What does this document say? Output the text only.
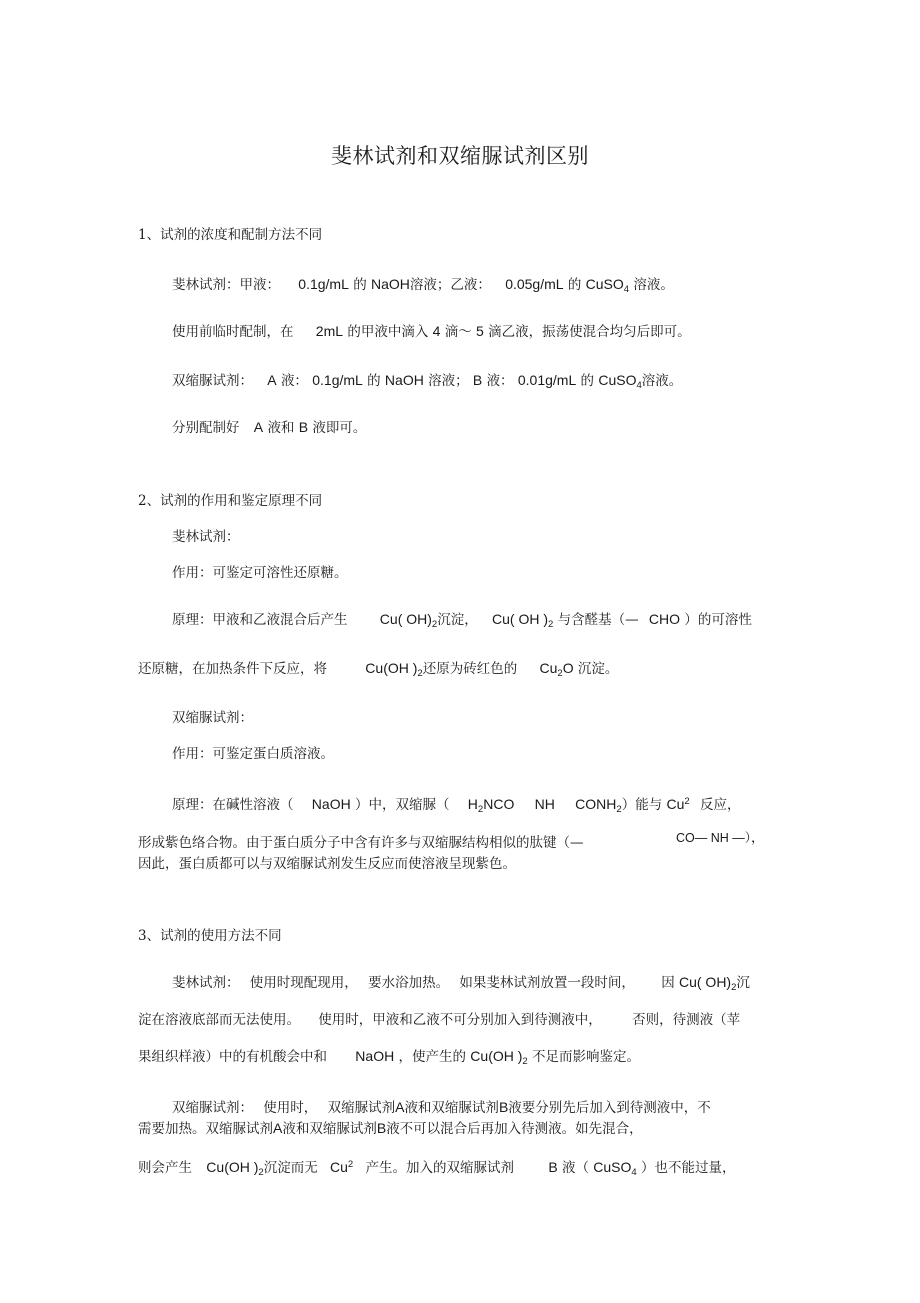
斐林试剂和双缩脲试剂区别
1、试剂的浓度和配制方法不同
斐林试剂：甲液： 0.1g/mL 的 NaOH溶液；乙液： 0.05g/mL 的 CuSO$_4$ 溶液。
使用前临时配制，在 2mL 的甲液中滴入 4 滴～ 5 滴乙液，振荡使混合均匀后即可。
双缩脲试剂： A 液： 0.1g/mL 的 NaOH 溶液； B 液： 0.01g/mL 的 CuSO$_4$溶液。
分别配制好 A 液和 B 液即可。
2、试剂的作用和鉴定原理不同
斐林试剂：
作用：可鉴定可溶性还原糖。
原理：甲液和乙液混合后产生 Cu( $OH)_2$沉淀， Cu( OH )$_2$ 与含醛基（— CHO ）的可溶性
还原糖，在加热条件下反应，将	Cu(OH )$_2$还原为砖红色的 $Cu_2O$ 沉淀。
双缩脲试剂：
作用：可鉴定蛋白质溶液。
原理：在碱性溶液（ NaOH ）中，双缩脲（ $H_2NCO$ NH $CONH_2$）能与 Cu$^2$ 反应，
形成紫色络合物。由于蛋白质分子中含有许多与双缩脲结构相似的肽键（—	CO— NH —），
因此，蛋白质都可以与双缩脲试剂发生反应而使溶液呈现紫色。
3、试剂的使用方法不同
斐林试剂： 使用时现配现用， 要水浴加热。 如果斐林试剂放置一段时间， 因 Cu( $OH)_2$沉
淀在溶液底部而无法使用。 使用时，甲液和乙液不可分别加入到待测液中， 否则，待测液（苹
果组织样液）中的有机酸会中和 NaOH ，使产生的 Cu(OH )$_2$ 不足而影响鉴定。
双缩脲试剂： 使用时， 双缩脲试剂A液和双缩脲试剂B液要分别先后加入到待测液中，不
需要加热。双缩脲试剂A液和双缩脲试剂B液不可以混合后再加入待测液。如先混合，
则会产生 Cu(OH )$_2$沉淀而无 Cu$^2$ 产生。加入的双缩脲试剂 B 液（ CuSO$_4$ ）也不能过量，
